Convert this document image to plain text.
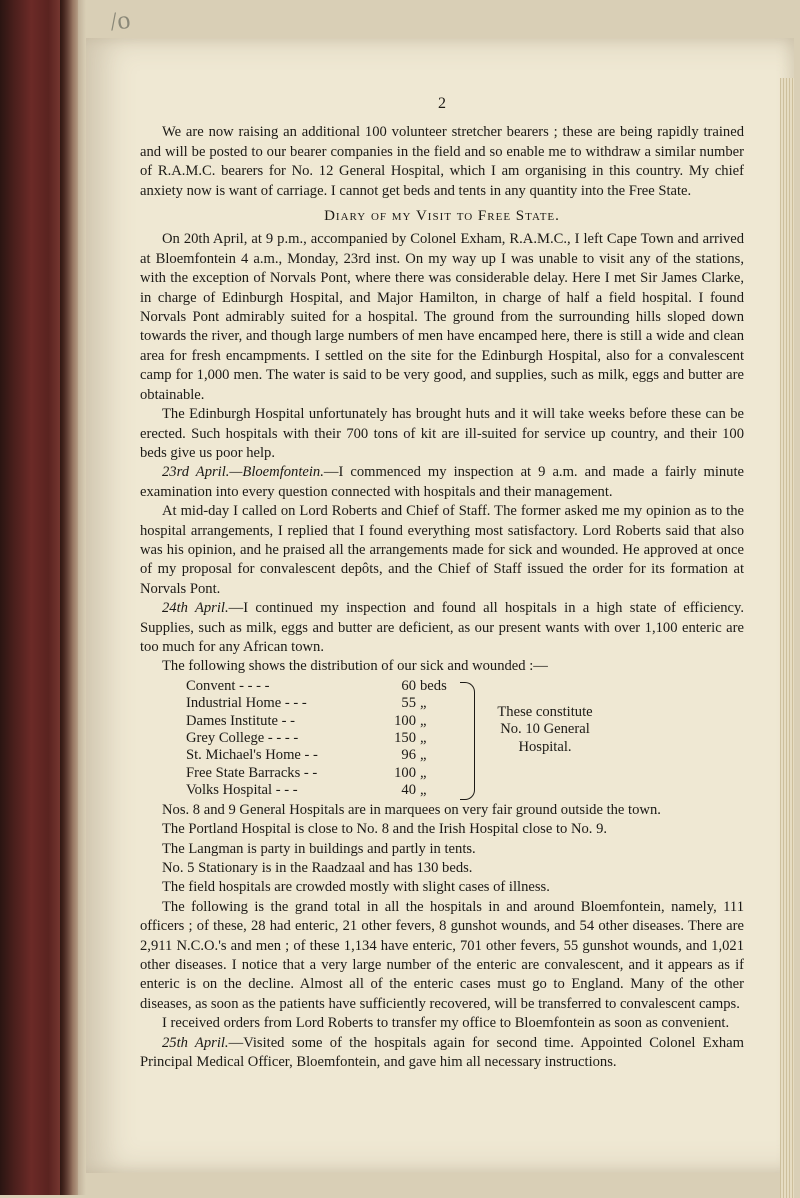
/o
2

We are now raising an additional 100 volunteer stretcher bearers ; these are being rapidly trained and will be posted to our bearer companies in the field and so enable me to withdraw a similar number of R.A.M.C. bearers for No. 12 General Hospital, which I am organising in this country. My chief anxiety now is want of carriage. I cannot get beds and tents in any quantity into the Free State.

Diary of my Visit to Free State.

On 20th April, at 9 p.m., accompanied by Colonel Exham, R.A.M.C., I left Cape Town and arrived at Bloemfontein 4 a.m., Monday, 23rd inst. On my way up I was unable to visit any of the stations, with the exception of Norvals Pont, where there was considerable delay. Here I met Sir James Clarke, in charge of Edinburgh Hospital, and Major Hamilton, in charge of half a field hospital. I found Norvals Pont admirably suited for a hospital. The ground from the surrounding hills sloped down towards the river, and though large numbers of men have encamped here, there is still a wide and clean area for fresh encampments. I settled on the site for the Edinburgh Hospital, also for a convalescent camp for 1,000 men. The water is said to be very good, and supplies, such as milk, eggs and butter are obtainable.

The Edinburgh Hospital unfortunately has brought huts and it will take weeks before these can be erected. Such hospitals with their 700 tons of kit are ill-suited for service up country, and their 100 beds give us poor help.

23rd April.—Bloemfontein.—I commenced my inspection at 9 a.m. and made a fairly minute examination into every question connected with hospitals and their management.

At mid-day I called on Lord Roberts and Chief of Staff. The former asked me my opinion as to the hospital arrangements, I replied that I found everything most satisfactory. Lord Roberts said that also was his opinion, and he praised all the arrangements made for sick and wounded. He approved at once of my proposal for convalescent depôts, and the Chief of Staff issued the order for its formation at Norvals Pont.

24th April.—I continued my inspection and found all hospitals in a high state of efficiency. Supplies, such as milk, eggs and butter are deficient, as our present wants with over 1,100 enteric are too much for any African town.

The following shows the distribution of our sick and wounded :—

Convent - - - -	60	beds
Industrial Home - - -	55	„
Dames Institute - -	100	„
Grey College - - - -	150	„
St. Michael's Home - -	96	„
Free State Barracks - -	100	„
Volks Hospital - - -	40	„
These constitute No. 10 General Hospital.

Nos. 8 and 9 General Hospitals are in marquees on very fair ground outside the town.

The Portland Hospital is close to No. 8 and the Irish Hospital close to No. 9.

The Langman is party in buildings and partly in tents.

No. 5 Stationary is in the Raadzaal and has 130 beds.

The field hospitals are crowded mostly with slight cases of illness.

The following is the grand total in all the hospitals in and around Bloemfontein, namely, 111 officers ; of these, 28 had enteric, 21 other fevers, 8 gunshot wounds, and 54 other diseases. There are 2,911 N.C.O.'s and men ; of these 1,134 have enteric, 701 other fevers, 55 gunshot wounds, and 1,021 other diseases. I notice that a very large number of the enteric are convalescent, and it appears as if enteric is on the decline. Almost all of the enteric cases must go to England. Many of the other diseases, as soon as the patients have sufficiently recovered, will be transferred to convalescent camps.

I received orders from Lord Roberts to transfer my office to Bloemfontein as soon as convenient.

25th April.—Visited some of the hospitals again for second time. Appointed Colonel Exham Principal Medical Officer, Bloemfontein, and gave him all necessary instructions.
